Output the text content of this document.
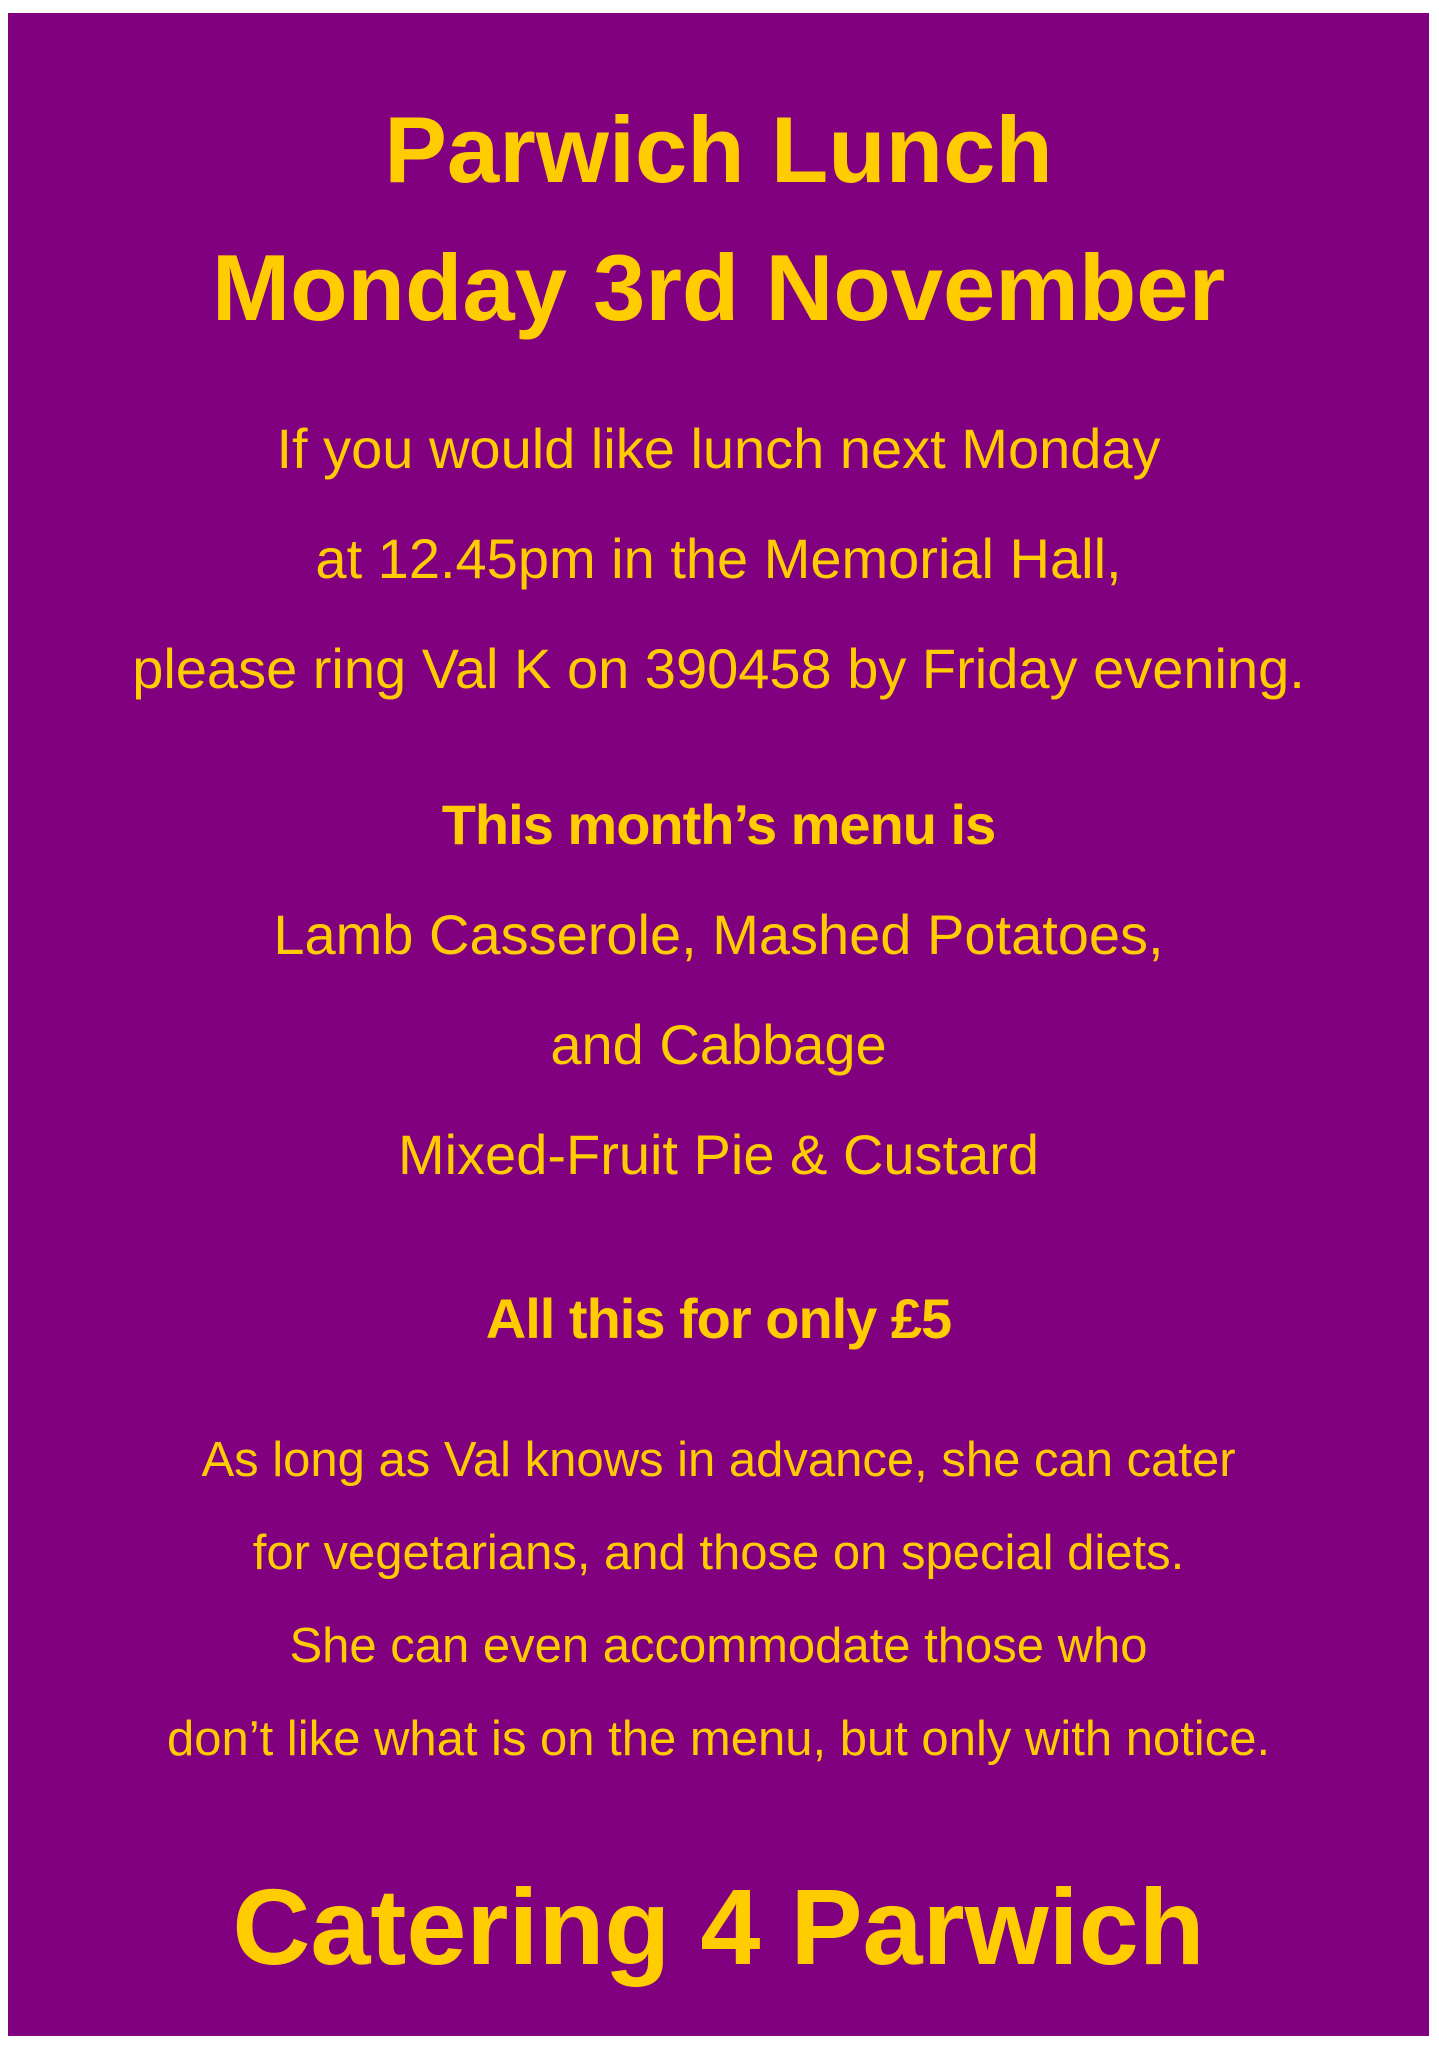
Parwich Lunch
Monday 3rd November
If you would like lunch next Monday
at 12.45pm in the Memorial Hall,
please ring Val K on 390458 by Friday evening.
This month’s menu is
Lamb Casserole, Mashed Potatoes,
and Cabbage
Mixed-Fruit Pie & Custard
All this for only £5
As long as Val knows in advance, she can cater
for vegetarians, and those on special diets.
She can even accommodate those who
don’t like what is on the menu, but only with notice.
Catering 4 Parwich
